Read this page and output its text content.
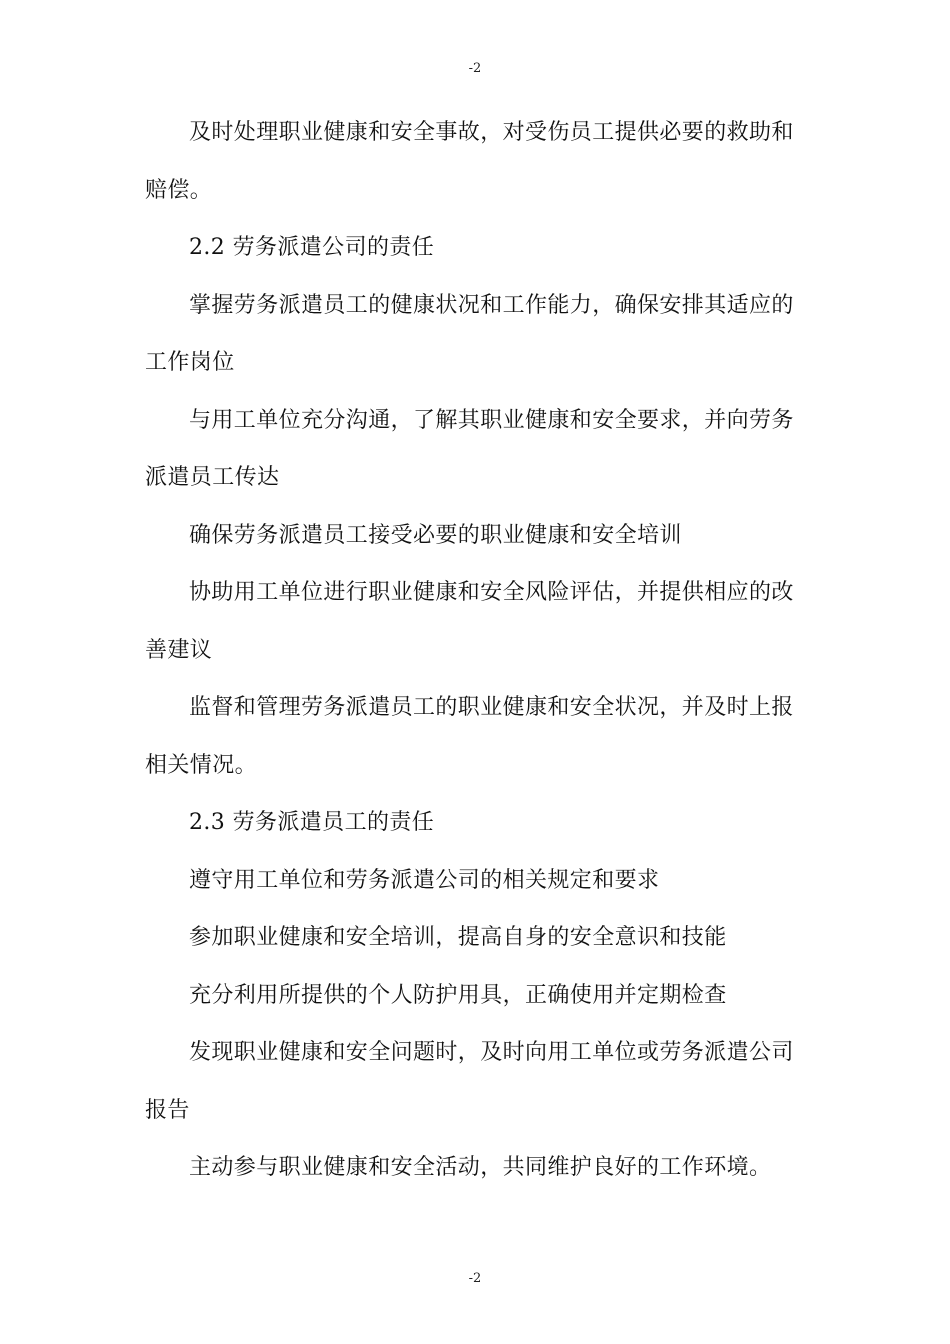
-2

及时处理职业健康和安全事故，对受伤员工提供必要的救助和赔偿。

2.2 劳务派遣公司的责任

掌握劳务派遣员工的健康状况和工作能力，确保安排其适应的工作岗位

与用工单位充分沟通，了解其职业健康和安全要求，并向劳务派遣员工传达

确保劳务派遣员工接受必要的职业健康和安全培训

协助用工单位进行职业健康和安全风险评估，并提供相应的改善建议

监督和管理劳务派遣员工的职业健康和安全状况，并及时上报相关情况。

2.3 劳务派遣员工的责任

遵守用工单位和劳务派遣公司的相关规定和要求

参加职业健康和安全培训，提高自身的安全意识和技能

充分利用所提供的个人防护用具，正确使用并定期检查

发现职业健康和安全问题时，及时向用工单位或劳务派遣公司报告

主动参与职业健康和安全活动，共同维护良好的工作环境。

-2
